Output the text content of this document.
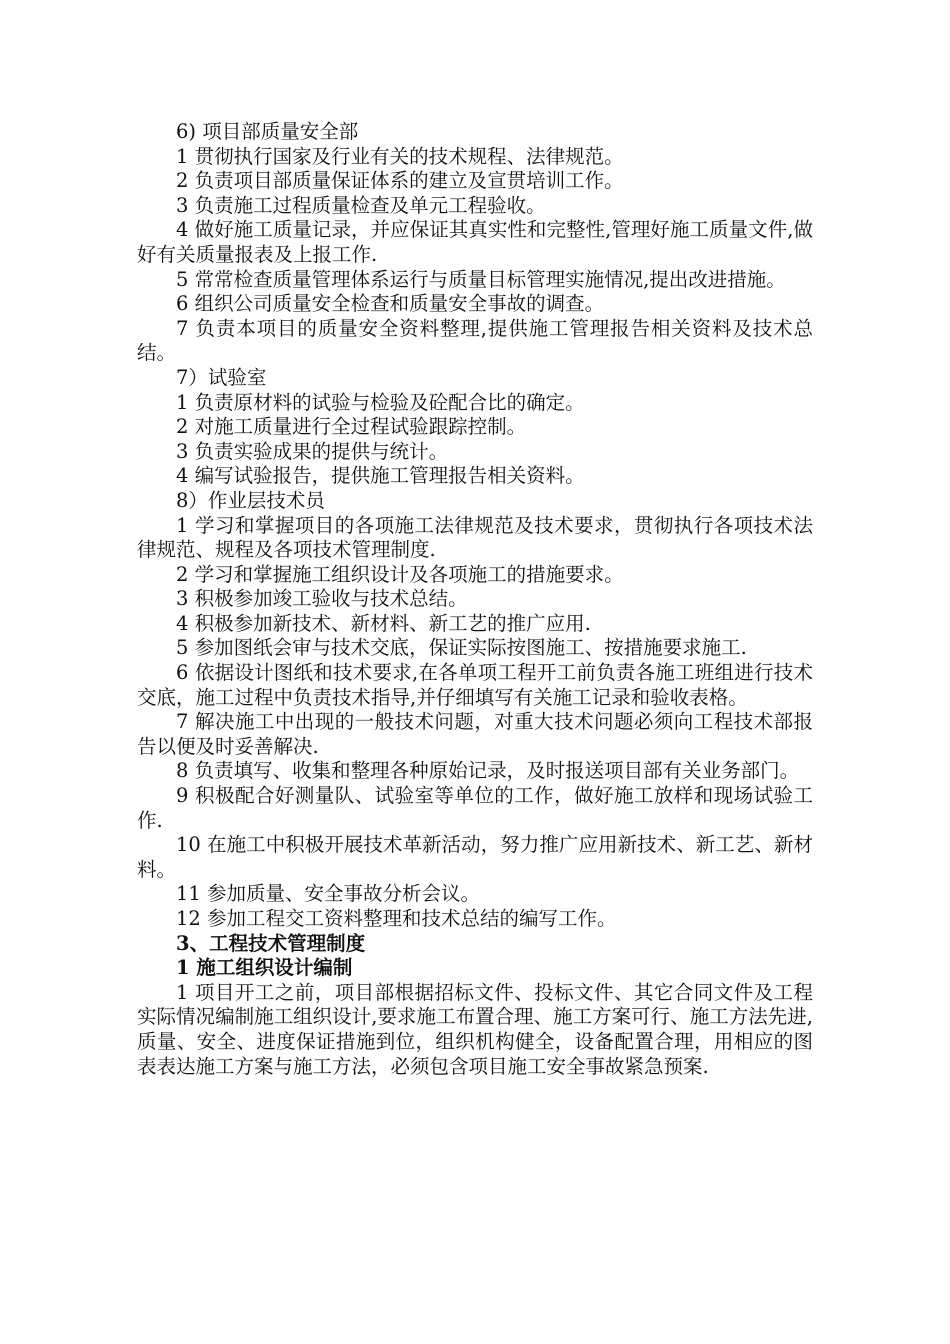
6) 项目部质量安全部

1 贯彻执行国家及行业有关的技术规程、法律规范。

2 负责项目部质量保证体系的建立及宣贯培训工作。

3 负责施工过程质量检查及单元工程验收。

4 做好施工质量记录，并应保证其真实性和完整性,管理好施工质量文件,做好有关质量报表及上报工作.

5 常常检查质量管理体系运行与质量目标管理实施情况,提出改进措施。

6 组织公司质量安全检查和质量安全事故的调查。

7 负责本项目的质量安全资料整理,提供施工管理报告相关资料及技术总结。

7）试验室

1 负责原材料的试验与检验及砼配合比的确定。

2 对施工质量进行全过程试验跟踪控制。

3 负责实验成果的提供与统计。

4 编写试验报告，提供施工管理报告相关资料。

8）作业层技术员

1 学习和掌握项目的各项施工法律规范及技术要求，贯彻执行各项技术法律规范、规程及各项技术管理制度.

2 学习和掌握施工组织设计及各项施工的措施要求。

3 积极参加竣工验收与技术总结。

4 积极参加新技术、新材料、新工艺的推广应用.

5 参加图纸会审与技术交底，保证实际按图施工、按措施要求施工.

6 依据设计图纸和技术要求,在各单项工程开工前负责各施工班组进行技术交底，施工过程中负责技术指导,并仔细填写有关施工记录和验收表格。

7 解决施工中出现的一般技术问题，对重大技术问题必须向工程技术部报告以便及时妥善解决.

8 负责填写、收集和整理各种原始记录，及时报送项目部有关业务部门。

9 积极配合好测量队、试验室等单位的工作，做好施工放样和现场试验工作.

10 在施工中积极开展技术革新活动，努力推广应用新技术、新工艺、新材料。

11 参加质量、安全事故分析会议。

12 参加工程交工资料整理和技术总结的编写工作。

3、工程技术管理制度

1 施工组织设计编制

1 项目开工之前，项目部根据招标文件、投标文件、其它合同文件及工程实际情况编制施工组织设计,要求施工布置合理、施工方案可行、施工方法先进,质量、安全、进度保证措施到位，组织机构健全，设备配置合理，用相应的图表表达施工方案与施工方法，必须包含项目施工安全事故紧急预案.
